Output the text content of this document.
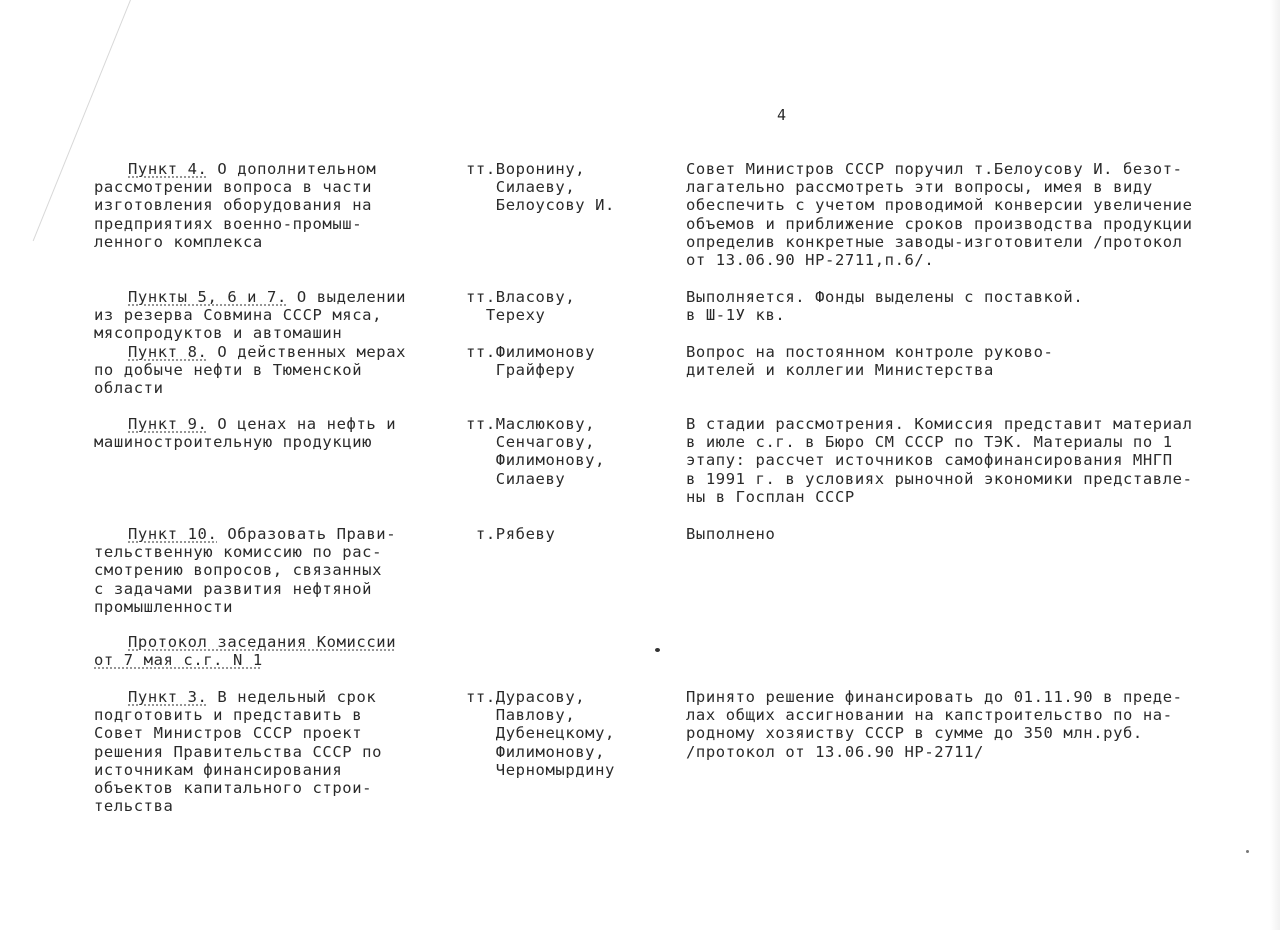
4
Пункт 4. О дополнительном
рассмотрении вопроса в части
изготовления оборудования на
предприятиях военно-промыш-
ленного комплекса
тт.Воронину,
Силаеву,
Белоусову И.
Совет Министров СССР поручил т.Белоусову И. безот-
лагательно рассмотреть эти вопросы, имея в виду
обеспечить с учетом проводимой конверсии увеличение
объемов и приближение сроков производства продукции
определив конкретные заводы-изготовители /протокол
от 13.06.90 НР-2711,п.6/.
Пункты 5, 6 и 7. О выделении
из резерва Совмина СССР мяса,
мясопродуктов и автомашин
тт.Власову,
Тереху
Выполняется. Фонды выделены с поставкой.
в Ш-1У кв.
Пункт 8. О действенных мерах
по добыче нефти в Тюменской
области
тт.Филимонову
Грайферу
Вопрос на постоянном контроле руково-
дителей и коллегии Министерства
Пункт 9. О ценах на нефть и
машиностроительную продукцию
тт.Маслюкову,
Сенчагову,
Филимонову,
Силаеву
В стадии рассмотрения. Комиссия представит материал
в июле с.г. в Бюро СМ СССР по ТЭК. Материалы по 1
этапу: рассчет источников самофинансирования МНГП
в 1991 г. в условиях рыночной экономики представле-
ны в Госплан СССР
Пункт 10. Образовать Прави-
тельственную комиссию по рас-
смотрению вопросов, связанных
с задачами развития нефтяной
промышленности
т.Рябеву	Выполнено
Протокол заседания Комиссии
от 7 мая с.г. N 1
Пункт 3. В недельный срок
подготовить и представить в
Совет Министров СССР проект
решения Правительства СССР по
источникам финансирования
объектов капитального строи-
тельства
тт.Дурасову,
Павлову,
Дубенецкому,
Филимонову,
Черномырдину
Принято решение финансировать до 01.11.90 в преде-
лах общих ассигновании на капстроительство по на-
родному хозяиству СССР в сумме до 350 млн.руб.
/протокол от 13.06.90 НР-2711/
